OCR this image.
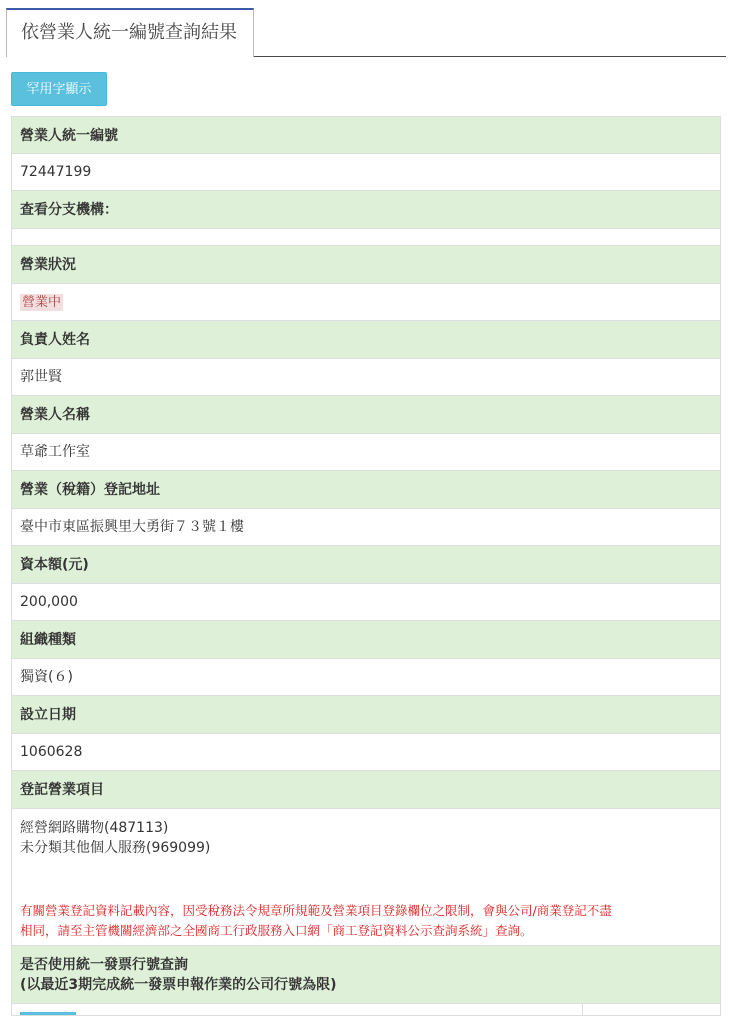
依營業人統一編號查詢結果
罕用字顯示
營業人統一編號
72447199
查看分支機構：
營業狀況
營業中
負責人姓名
郭世賢
營業人名稱
草爺工作室
營業（稅籍）登記地址
臺中市東區振興里大勇街７３號１樓
資本額(元)
200,000
組織種類
獨資(６)
設立日期
1060628
登記營業項目
經營網路購物(487113)
未分類其他個人服務(969099)
有關營業登記資料記載內容，因受稅務法令規章所規範及營業項目登錄欄位之限制，會與公司/商業登記不盡
相同，請至主管機關經濟部之全國商工行政服務入口網「商工登記資料公示查詢系統」查詢。
是否使用統一發票行號查詢
(以最近3期完成統一發票申報作業的公司行號為限)
